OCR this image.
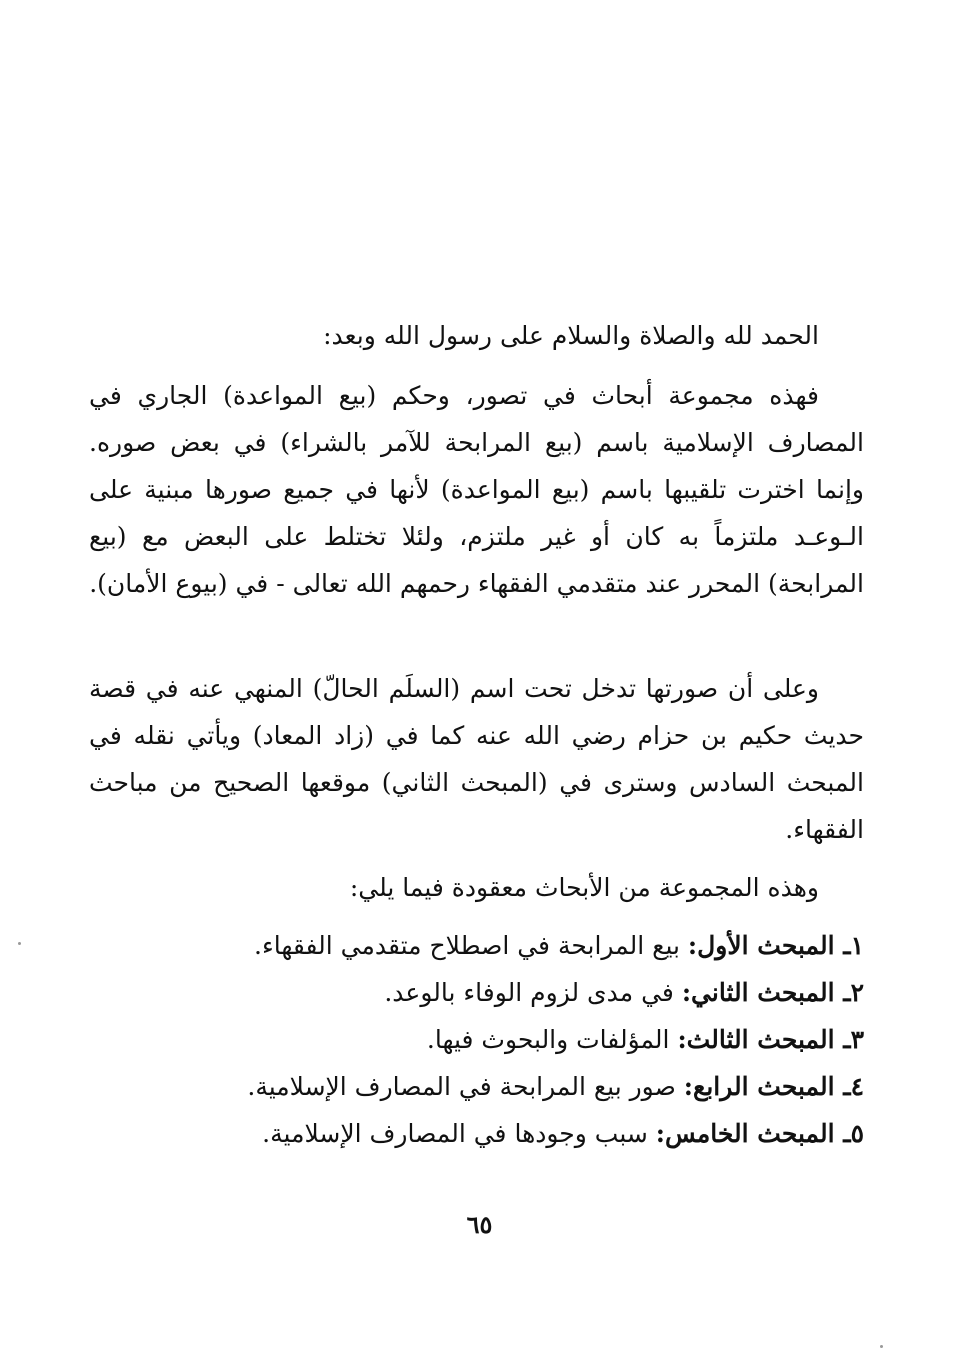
الحمد لله والصلاة والسلام على رسول الله وبعد:

فهذه مجموعة أبحاث في تصور، وحكم (بيع المواعدة) الجاري في المصارف الإسلامية باسم (بيع المرابحة للآمر بالشراء) في بعض صوره. وإنما اخترت تلقيبها باسم (بيع المواعدة) لأنها في جميع صورها مبنية على الـوعـد ملتزماً به كان أو غير ملتزم، ولئلا تختلط على البعض مع (بيع المرابحة) المحرر عند متقدمي الفقهاء رحمهم الله تعالى - في (بيوع الأمان).

وعلى أن صورتها تدخل تحت اسم (السلَم الحالّ) المنهي عنه في قصة حديث حكيم بن حزام رضي الله عنه كما في (زاد المعاد) ويأتي نقله في المبحث السادس وسترى في (المبحث الثاني) موقعها الصحيح من مباحث الفقهاء.

وهذه المجموعة من الأبحاث معقودة فيما يلي:

١ـ المبحث الأول: بيع المرابحة في اصطلاح متقدمي الفقهاء.
٢ـ المبحث الثاني: في مدى لزوم الوفاء بالوعد.
٣ـ المبحث الثالث: المؤلفات والبحوث فيها.
٤ـ المبحث الرابع: صور بيع المرابحة في المصارف الإسلامية.
٥ـ المبحث الخامس: سبب وجودها في المصارف الإسلامية.
٦٥
